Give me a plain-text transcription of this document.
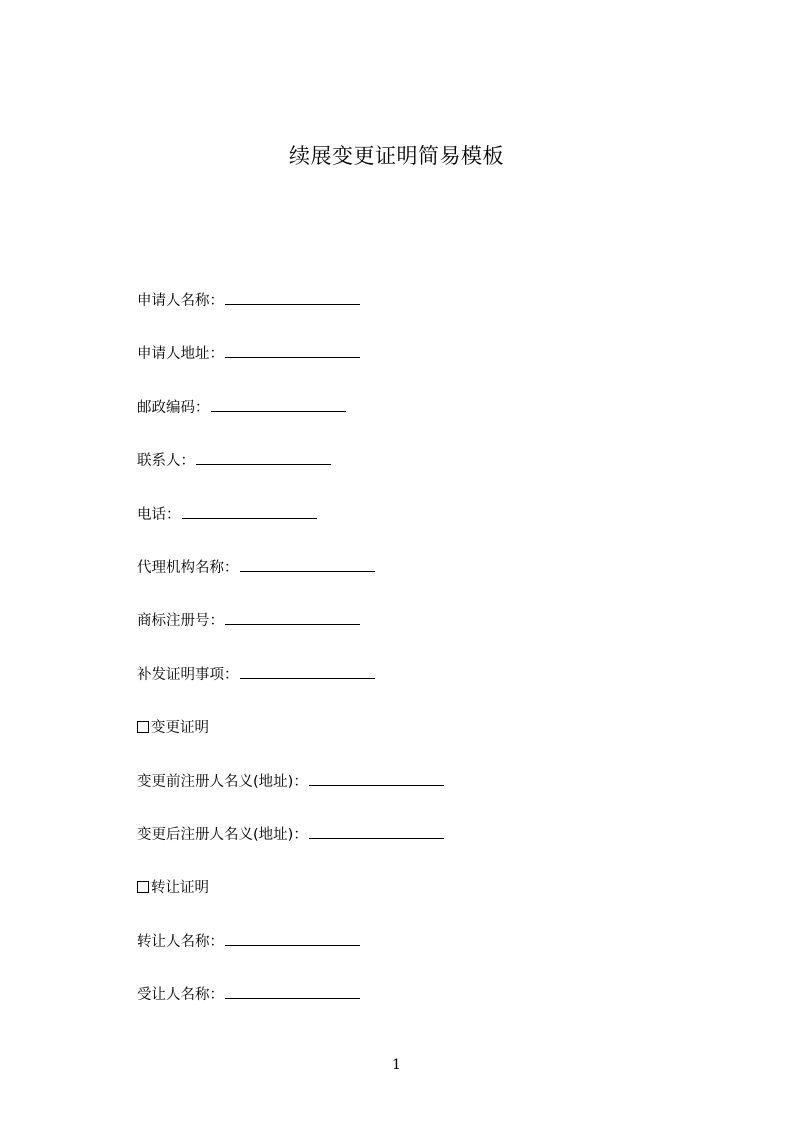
续展变更证明简易模板
申请人名称：
申请人地址：
邮政编码：
联系人：
电话：
代理机构名称：
商标注册号：
补发证明事项：
变更证明
变更前注册人名义(地址)：
变更后注册人名义(地址)：
转让证明
转让人名称：
受让人名称：
1
